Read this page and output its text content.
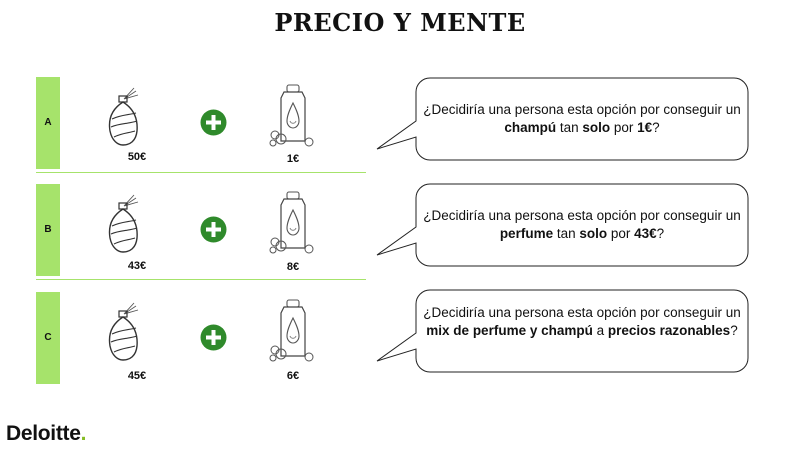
PRECIO Y MENTE
A
50€	1€
B
43€	8€
C
45€	6€
¿Decidiría una persona esta opción por conseguir un champú tan solo por 1€?
¿Decidiría una persona esta opción por conseguir un perfume tan solo por 43€?
¿Decidiría una persona esta opción por conseguir un mix de perfume y champú a precios razonables?
Deloitte.
